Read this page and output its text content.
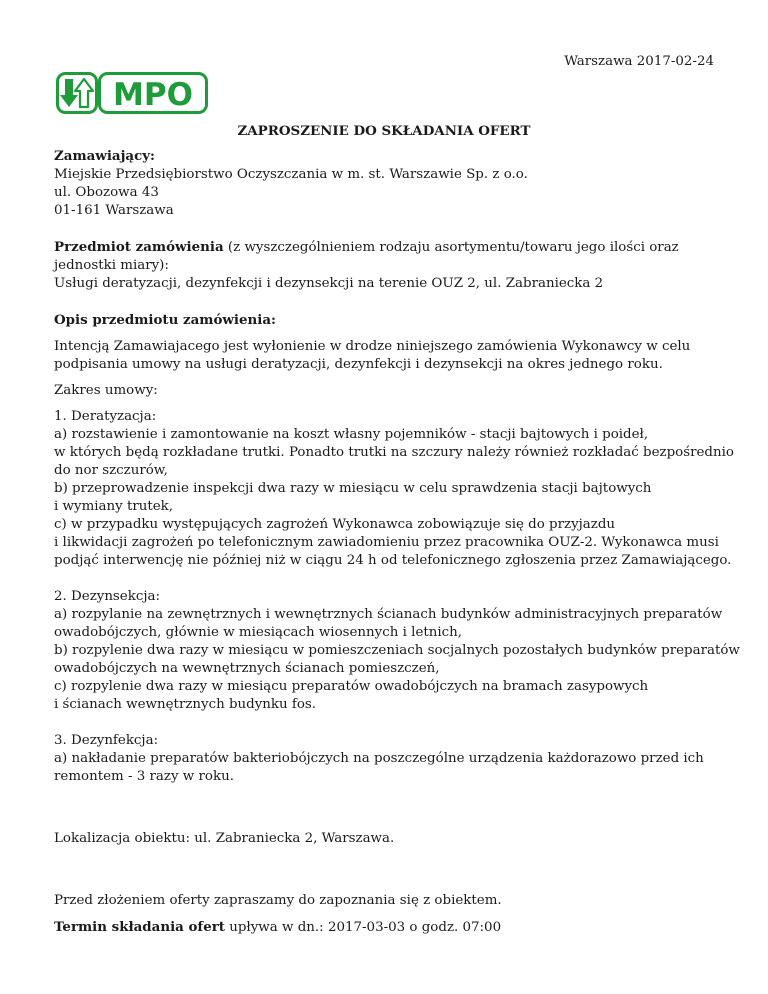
Warszawa 2017-02-24
MPO
ZAPROSZENIE DO SKŁADANIA OFERT
Zamawiający:
Miejskie Przedsiębiorstwo Oczyszczania w m. st. Warszawie Sp. z o.o.
ul. Obozowa 43
01-161 Warszawa
Przedmiot zamówienia (z wyszczególnieniem rodzaju asortymentu/towaru jego ilości oraz
jednostki miary):
Usługi deratyzacji, dezynfekcji i dezynsekcji na terenie OUZ 2, ul. Zabraniecka 2
Opis przedmiotu zamówienia:
Intencją Zamawiajacego jest wyłonienie w drodze niniejszego zamówienia Wykonawcy w celu
podpisania umowy na usługi deratyzacji, dezynfekcji i dezynsekcji na okres jednego roku.
Zakres umowy:
1. Deratyzacja:
a) rozstawienie i zamontowanie na koszt własny pojemników - stacji bajtowych i poideł,
w których będą rozkładane trutki. Ponadto trutki na szczury należy również rozkładać bezpośrednio
do nor szczurów,
b) przeprowadzenie inspekcji dwa razy w miesiącu w celu sprawdzenia stacji bajtowych
i wymiany trutek,
c) w przypadku występujących zagrożeń Wykonawca zobowiązuje się do przyjazdu
i likwidacji zagrożeń po telefonicznym zawiadomieniu przez pracownika OUZ-2. Wykonawca musi
podjąć interwencję nie później niż w ciągu 24 h od telefonicznego zgłoszenia przez Zamawiającego.
2. Dezynsekcja:
a) rozpylanie na zewnętrznych i wewnętrznych ścianach budynków administracyjnych preparatów
owadobójczych, głównie w miesiącach wiosennych i letnich,
b) rozpylenie dwa razy w miesiącu w pomieszczeniach socjalnych pozostałych budynków preparatów
owadobójczych na wewnętrznych ścianach pomieszczeń,
c) rozpylenie dwa razy w miesiącu preparatów owadobójczych na bramach zasypowych
i ścianach wewnętrznych budynku fos.
3. Dezynfekcja:
a) nakładanie preparatów bakteriobójczych na poszczególne urządzenia każdorazowo przed ich
remontem - 3 razy w roku.
Lokalizacja obiektu: ul. Zabraniecka 2, Warszawa.
Przed złożeniem oferty zapraszamy do zapoznania się z obiektem.
Termin składania ofert upływa w dn.: 2017-03-03 o godz. 07:00
